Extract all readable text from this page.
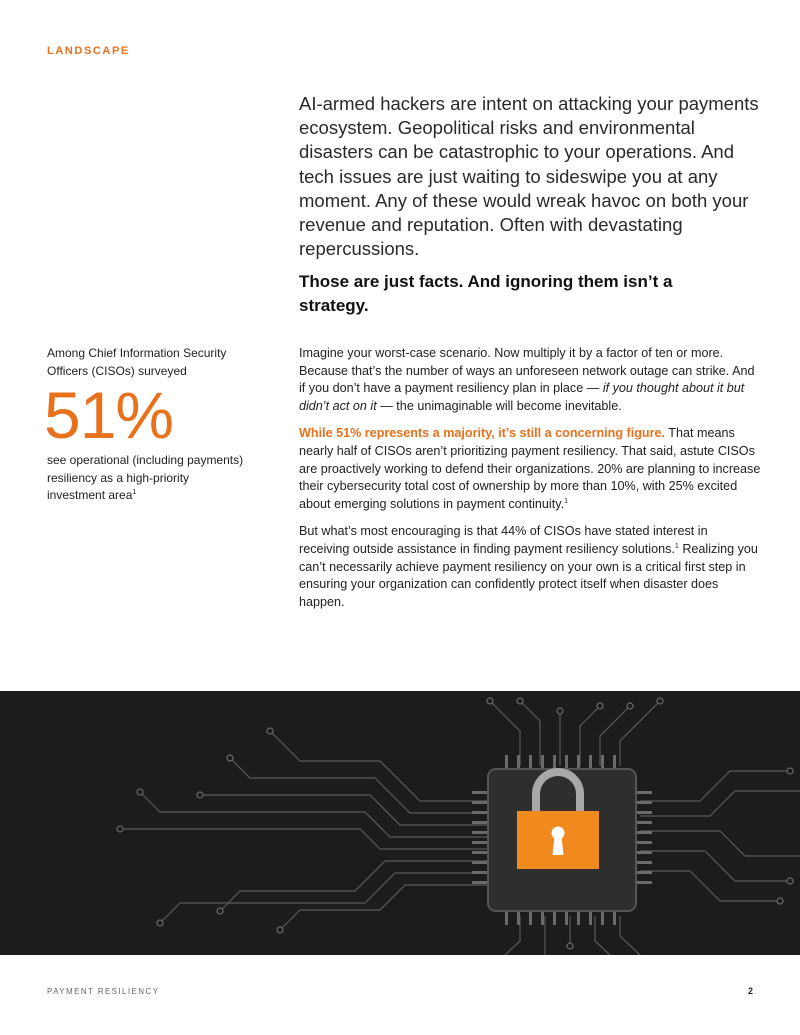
LANDSCAPE

AI-armed hackers are intent on attacking your payments ecosystem. Geopolitical risks and environmental disasters can be catastrophic to your operations. And tech issues are just waiting to sideswipe you at any moment. Any of these would wreak havoc on both your revenue and reputation. Often with devastating repercussions.

Those are just facts. And ignoring them isn’t a strategy.

Among Chief Information Security Officers (CISOs) surveyed

51%

see operational (including payments) resiliency as a high-priority investment area$^1$

Imagine your worst-case scenario. Now multiply it by a factor of ten or more. Because that’s the number of ways an unforeseen network outage can strike. And if you don’t have a payment resiliency plan in place — if you thought about it but didn’t act on it — the unimaginable will become inevitable.

While 51% represents a majority, it’s still a concerning figure. That means nearly half of CISOs aren’t prioritizing payment resiliency. That said, astute CISOs are proactively working to defend their organizations. 20% are planning to increase their cybersecurity total cost of ownership by more than 10%, with 25% excited about emerging solutions in payment continuity.$^1$

But what’s most encouraging is that 44% of CISOs have stated interest in receiving outside assistance in finding payment resiliency solutions.$^1$ Realizing you can’t necessarily achieve payment resiliency on your own is a critical first step in ensuring your organization can confidently protect itself when disaster does happen.

PAYMENT RESILIENCY	2
